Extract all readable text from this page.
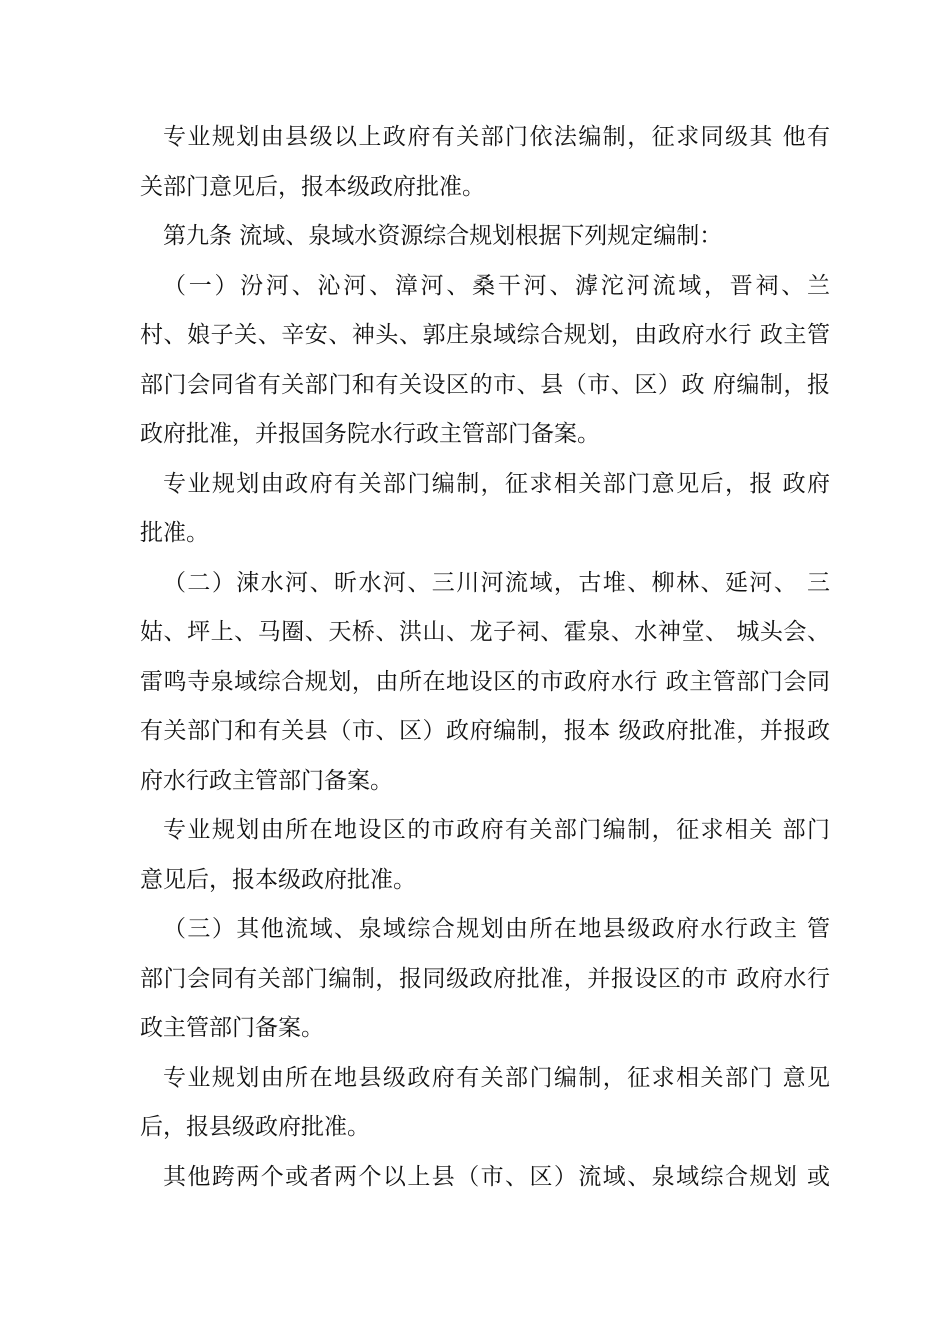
专业规划由县级以上政府有关部门依法编制，征求同级其 他有
关部门意见后，报本级政府批准。
第九条 流域、泉域水资源综合规划根据下列规定编制：
（一）汾河、沁河、漳河、桑干河、滹沱河流域，晋祠、兰
村、娘子关、辛安、神头、郭庄泉域综合规划，由政府水行 政主管
部门会同省有关部门和有关设区的市、县（市、区）政 府编制，报
政府批准，并报国务院水行政主管部门备案。
专业规划由政府有关部门编制，征求相关部门意见后，报 政府
批准。
（二）涑水河、昕水河、三川河流域，古堆、柳林、延河、 三
姑、坪上、马圈、天桥、洪山、龙子祠、霍泉、水神堂、 城头会、
雷鸣寺泉域综合规划，由所在地设区的市政府水行 政主管部门会同
有关部门和有关县（市、区）政府编制，报本 级政府批准，并报政
府水行政主管部门备案。
专业规划由所在地设区的市政府有关部门编制，征求相关 部门
意见后，报本级政府批准。
（三）其他流域、泉域综合规划由所在地县级政府水行政主 管
部门会同有关部门编制，报同级政府批准，并报设区的市 政府水行
政主管部门备案。
专业规划由所在地县级政府有关部门编制，征求相关部门 意见
后，报县级政府批准。
其他跨两个或者两个以上县（市、区）流域、泉域综合规划 或
